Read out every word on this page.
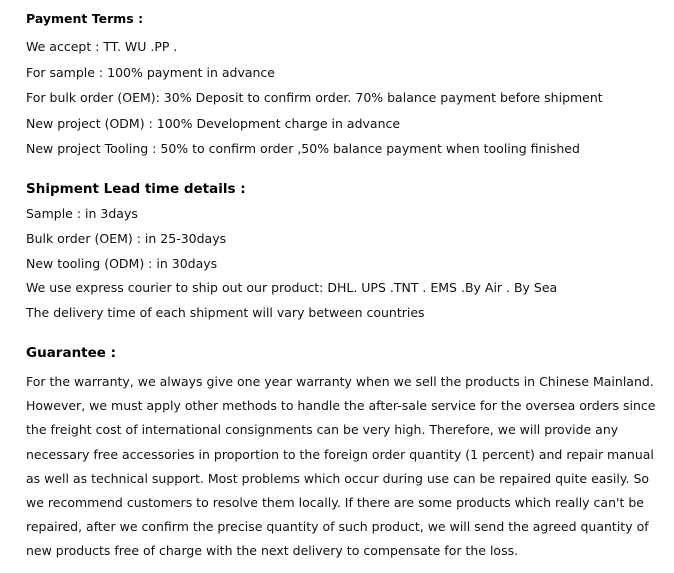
Payment Terms :
We accept : TT. WU .PP .
For sample : 100% payment in advance
For bulk order (OEM): 30% Deposit to confirm order. 70% balance payment before shipment
New project (ODM) : 100% Development charge in advance
New project Tooling : 50% to confirm order ,50% balance payment when tooling finished
Shipment Lead time details :
Sample : in 3days
Bulk order (OEM) : in 25-30days
New tooling (ODM) : in 30days
We use express courier to ship out our product: DHL. UPS .TNT . EMS .By Air . By Sea
The delivery time of each shipment will vary between countries
Guarantee :
For the warranty, we always give one year warranty when we sell the products in Chinese Mainland. However, we must apply other methods to handle the after-sale service for the oversea orders since the freight cost of international consignments can be very high. Therefore, we will provide any necessary free accessories in proportion to the foreign order quantity (1 percent) and repair manual as well as technical support. Most problems which occur during use can be repaired quite easily. So we recommend customers to resolve them locally. If there are some products which really can't be repaired, after we confirm the precise quantity of such product, we will send the agreed quantity of new products free of charge with the next delivery to compensate for the loss.
